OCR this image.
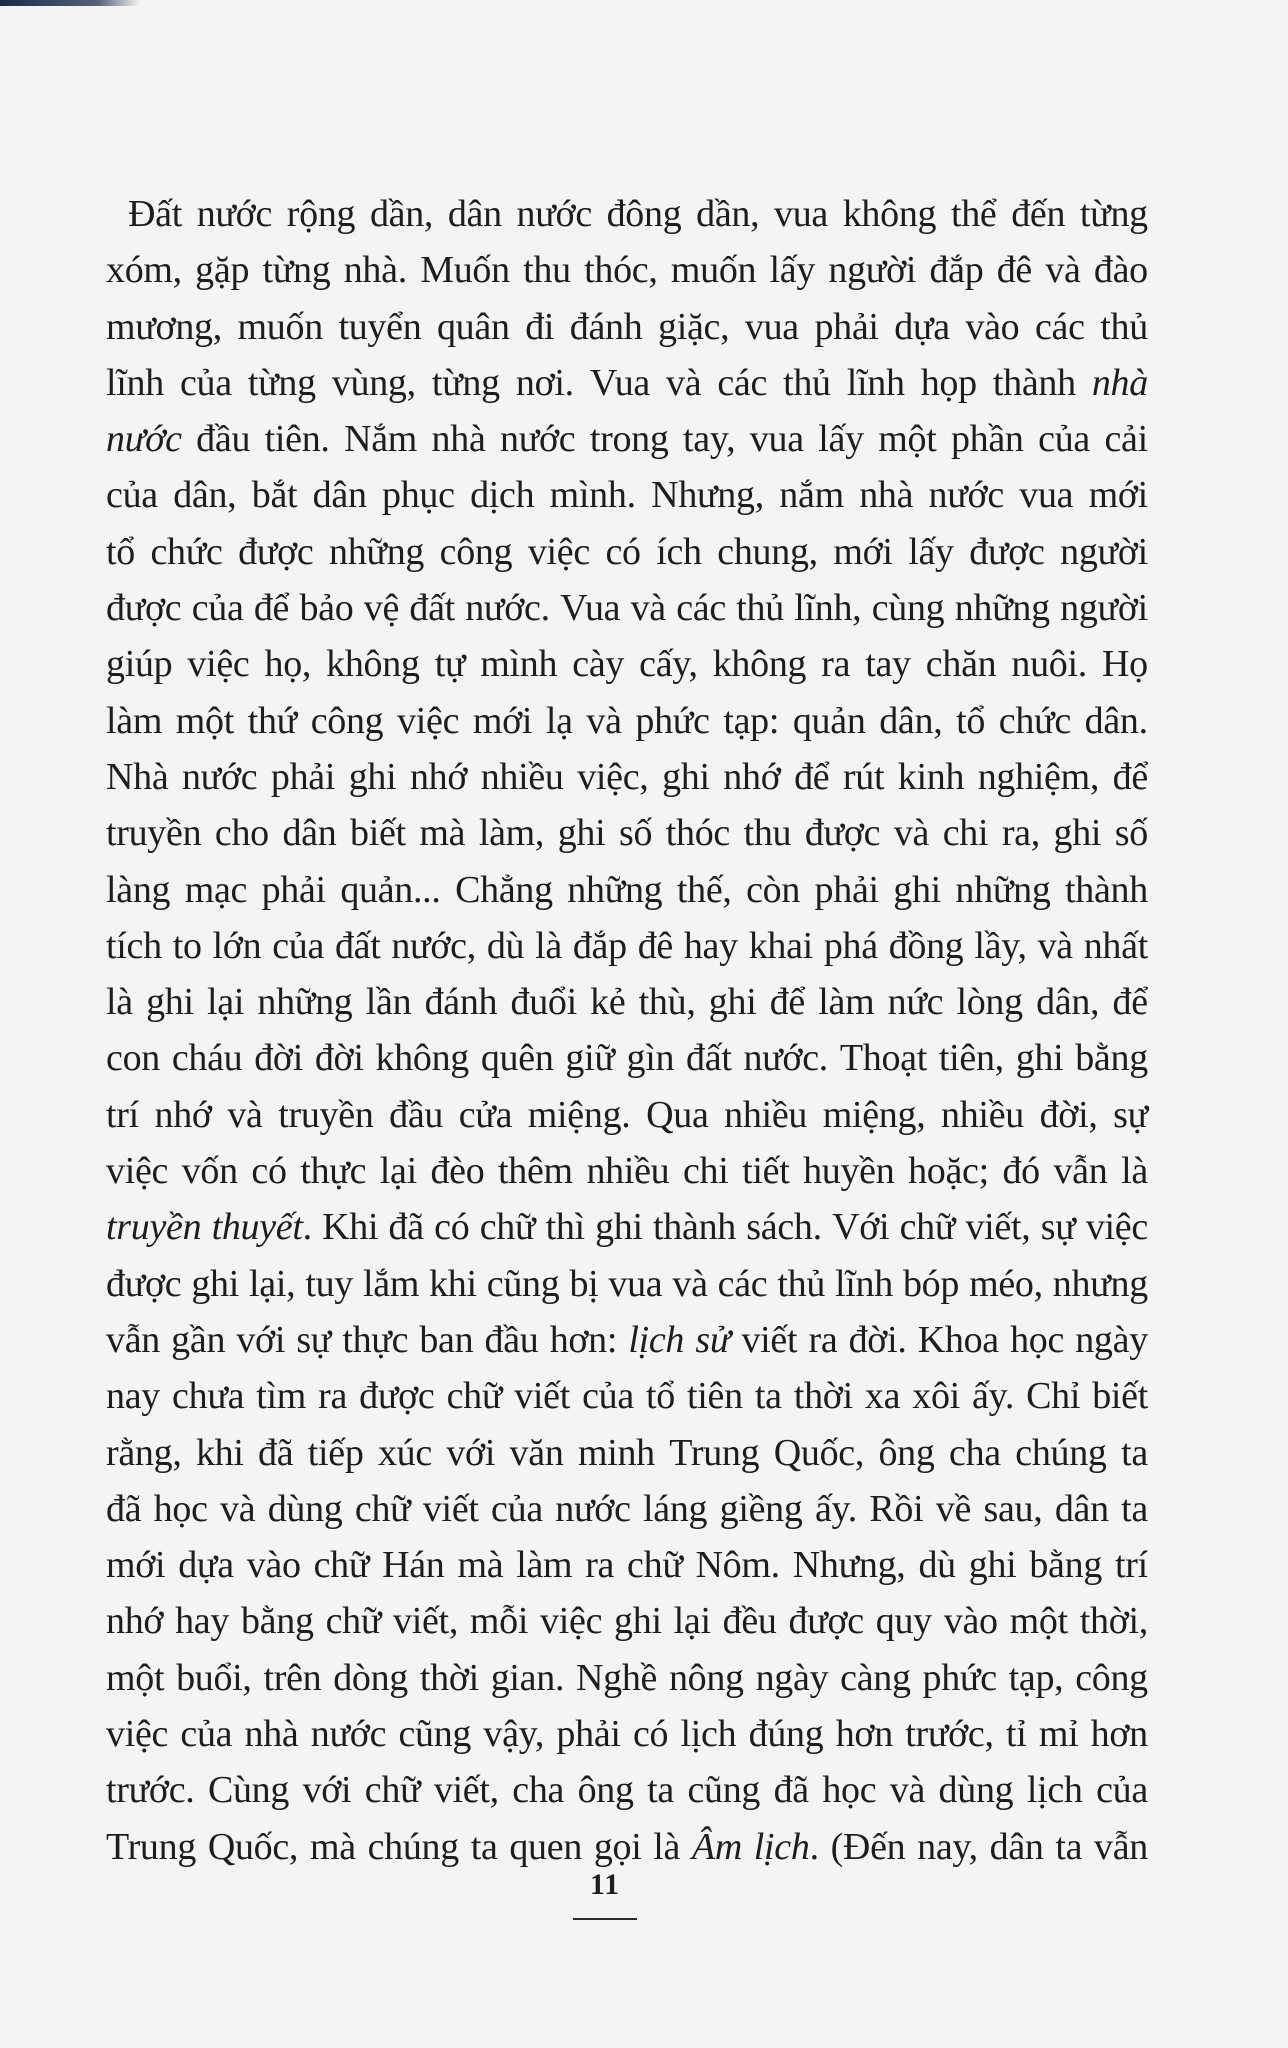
Đất nước rộng dần, dân nước đông dần, vua không thể đến từng
xóm, gặp từng nhà. Muốn thu thóc, muốn lấy người đắp đê và đào
mương, muốn tuyển quân đi đánh giặc, vua phải dựa vào các thủ
lĩnh của từng vùng, từng nơi. Vua và các thủ lĩnh họp thành nhà
nước đầu tiên. Nắm nhà nước trong tay, vua lấy một phần của cải
của dân, bắt dân phục dịch mình. Nhưng, nắm nhà nước vua mới
tổ chức được những công việc có ích chung, mới lấy được người
được của để bảo vệ đất nước. Vua và các thủ lĩnh, cùng những người
giúp việc họ, không tự mình cày cấy, không ra tay chăn nuôi. Họ
làm một thứ công việc mới lạ và phức tạp: quản dân, tổ chức dân.
Nhà nước phải ghi nhớ nhiều việc, ghi nhớ để rút kinh nghiệm, để
truyền cho dân biết mà làm, ghi số thóc thu được và chi ra, ghi số
làng mạc phải quản... Chẳng những thế, còn phải ghi những thành
tích to lớn của đất nước, dù là đắp đê hay khai phá đồng lầy, và nhất
là ghi lại những lần đánh đuổi kẻ thù, ghi để làm nức lòng dân, để
con cháu đời đời không quên giữ gìn đất nước. Thoạt tiên, ghi bằng
trí nhớ và truyền đầu cửa miệng. Qua nhiều miệng, nhiều đời, sự
việc vốn có thực lại đèo thêm nhiều chi tiết huyền hoặc; đó vẫn là
truyền thuyết. Khi đã có chữ thì ghi thành sách. Với chữ viết, sự việc
được ghi lại, tuy lắm khi cũng bị vua và các thủ lĩnh bóp méo, nhưng
vẫn gần với sự thực ban đầu hơn: lịch sử viết ra đời. Khoa học ngày
nay chưa tìm ra được chữ viết của tổ tiên ta thời xa xôi ấy. Chỉ biết
rằng, khi đã tiếp xúc với văn minh Trung Quốc, ông cha chúng ta
đã học và dùng chữ viết của nước láng giềng ấy. Rồi về sau, dân ta
mới dựa vào chữ Hán mà làm ra chữ Nôm. Nhưng, dù ghi bằng trí
nhớ hay bằng chữ viết, mỗi việc ghi lại đều được quy vào một thời,
một buổi, trên dòng thời gian. Nghề nông ngày càng phức tạp, công
việc của nhà nước cũng vậy, phải có lịch đúng hơn trước, tỉ mỉ hơn
trước. Cùng với chữ viết, cha ông ta cũng đã học và dùng lịch của
Trung Quốc, mà chúng ta quen gọi là Âm lịch. (Đến nay, dân ta vẫn
11
